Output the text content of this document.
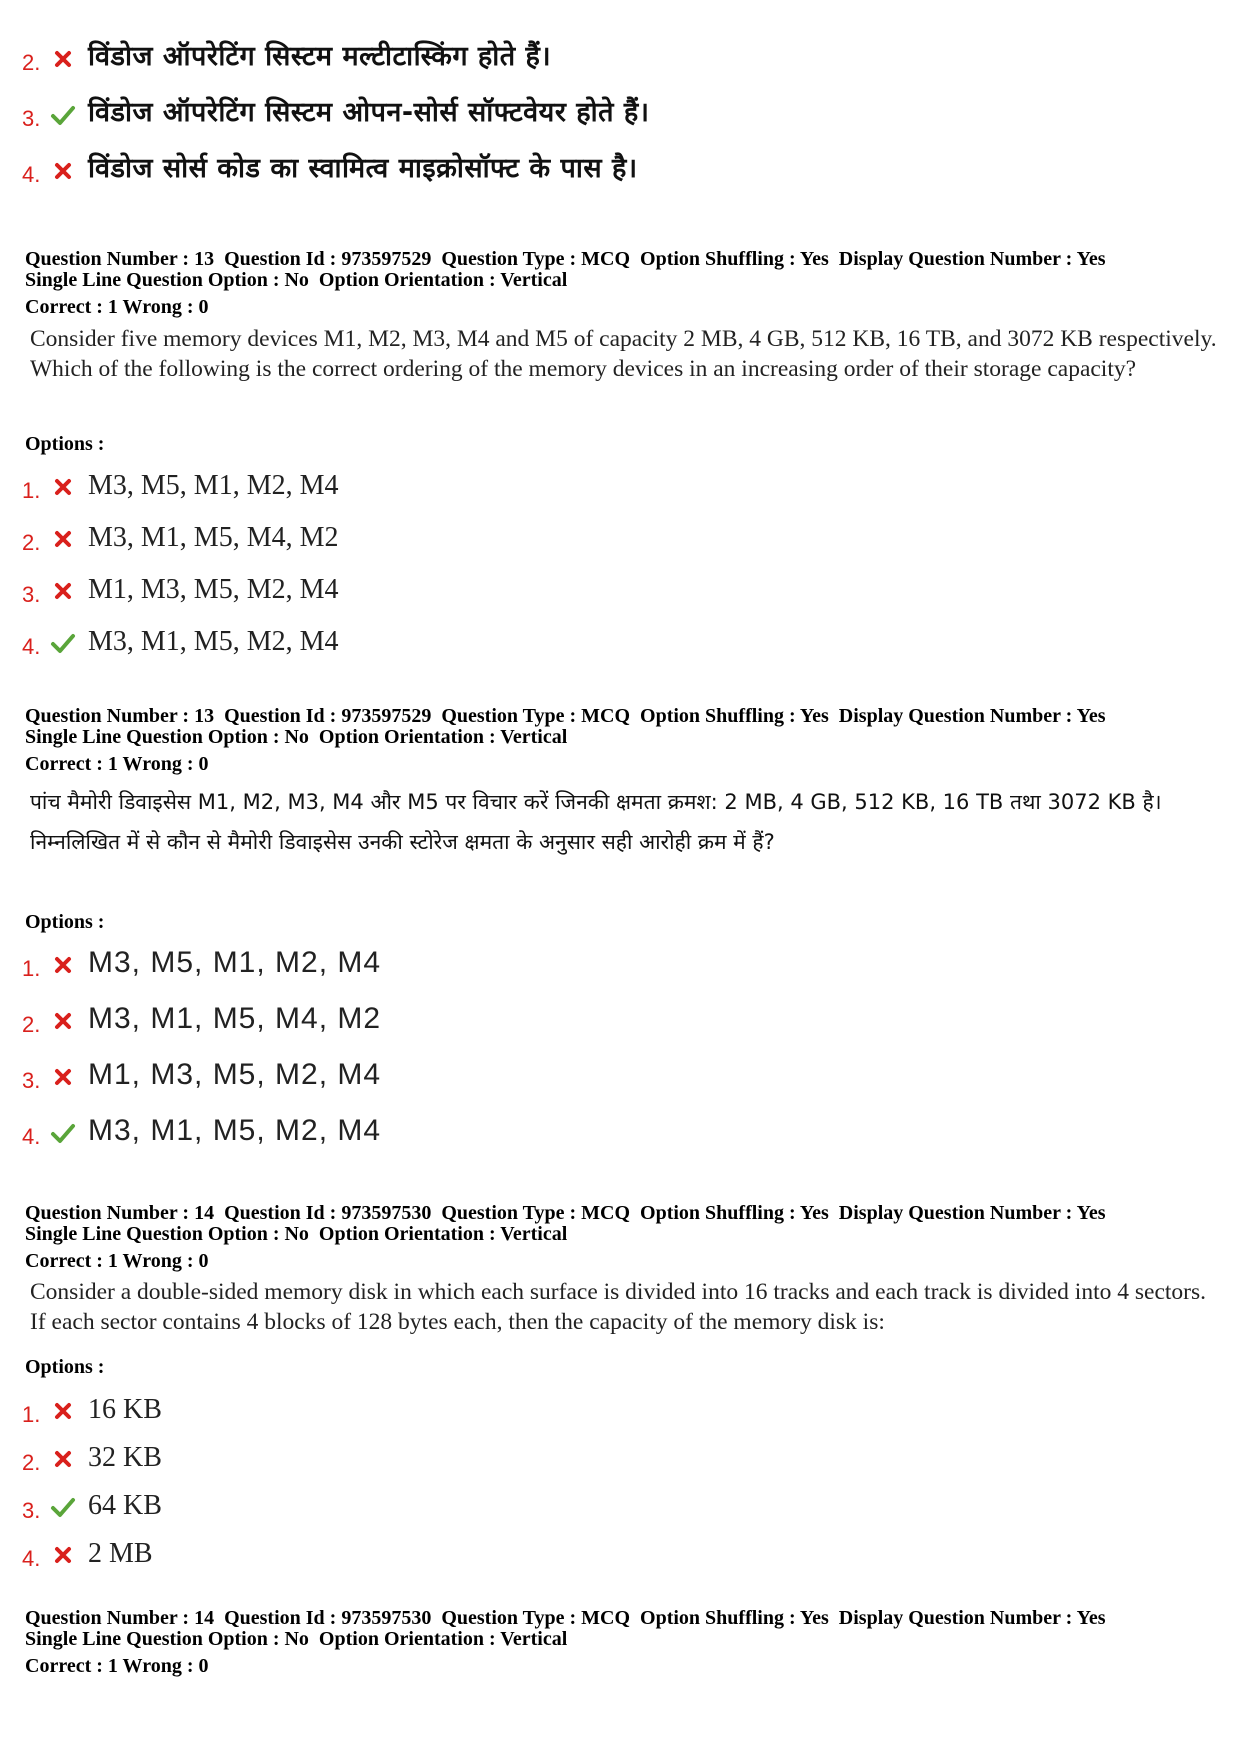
2.	विंडोज ऑपरेटिंग सिस्टम मल्टीटास्किंग होते हैं।
3.	विंडोज ऑपरेटिंग सिस्टम ओपन-सोर्स सॉफ्टवेयर होते हैं।
4.	विंडोज सोर्स कोड का स्वामित्व माइक्रोसॉफ्ट के पास है।
Question Number : 13  Question Id : 973597529  Question Type : MCQ  Option Shuffling : Yes  Display Question Number : Yes
Single Line Question Option : No  Option Orientation : Vertical
Correct : 1 Wrong : 0
Consider five memory devices M1, M2, M3, M4 and M5 of capacity 2 MB, 4 GB, 512 KB, 16 TB, and 3072 KB respectively. Which of the following is the correct ordering of the memory devices in an increasing order of their storage capacity?
Options :
1.	M3, M5, M1, M2, M4
2.	M3, M1, M5, M4, M2
3.	M1, M3, M5, M2, M4
4.	M3, M1, M5, M2, M4
Question Number : 13  Question Id : 973597529  Question Type : MCQ  Option Shuffling : Yes  Display Question Number : Yes
Single Line Question Option : No  Option Orientation : Vertical
Correct : 1 Wrong : 0
पांच मैमोरी डिवाइसेस M1, M2, M3, M4 और M5 पर विचार करें जिनकी क्षमता क्रमश: 2 MB, 4 GB, 512 KB, 16 TB तथा 3072 KB है। निम्नलिखित में से कौन से मैमोरी डिवाइसेस उनकी स्टोरेज क्षमता के अनुसार सही आरोही क्रम में हैं?
Options :
1.	M3, M5, M1, M2, M4
2.	M3, M1, M5, M4, M2
3.	M1, M3, M5, M2, M4
4.	M3, M1, M5, M2, M4
Question Number : 14  Question Id : 973597530  Question Type : MCQ  Option Shuffling : Yes  Display Question Number : Yes
Single Line Question Option : No  Option Orientation : Vertical
Correct : 1 Wrong : 0
Consider a double-sided memory disk in which each surface is divided into 16 tracks and each track is divided into 4 sectors. If each sector contains 4 blocks of 128 bytes each, then the capacity of the memory disk is:
Options :
1.	16 KB
2.	32 KB
3.	64 KB
4.	2 MB
Question Number : 14  Question Id : 973597530  Question Type : MCQ  Option Shuffling : Yes  Display Question Number : Yes
Single Line Question Option : No  Option Orientation : Vertical
Correct : 1 Wrong : 0
